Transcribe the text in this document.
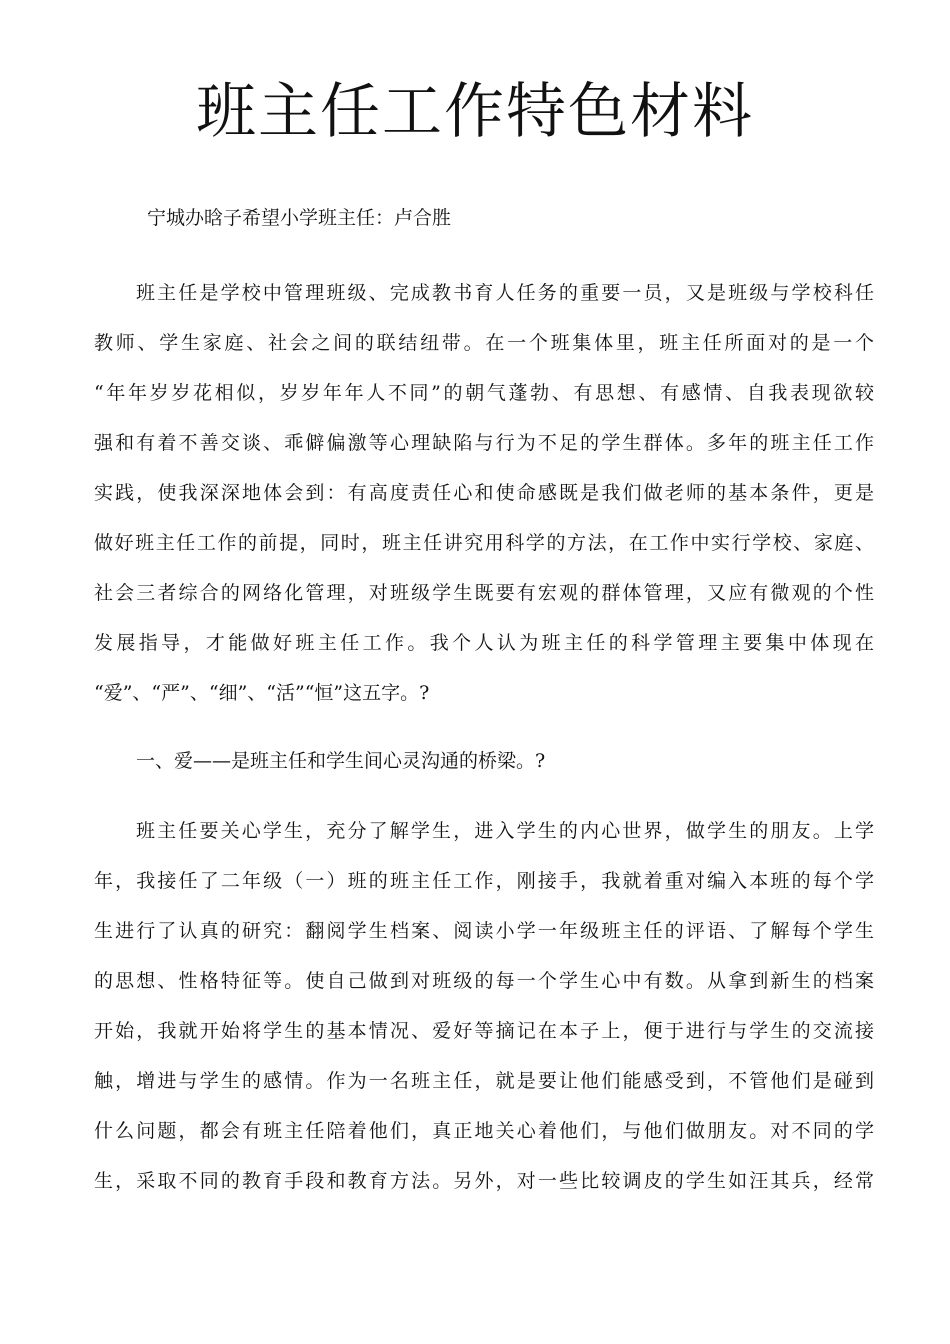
班主任工作特色材料

宁城办晗子希望小学班主任：卢合胜

班主任是学校中管理班级、完成教书育人任务的重要一员，又是班级与学校科任
教师、学生家庭、社会之间的联结纽带。在一个班集体里，班主任所面对的是一个
“年年岁岁花相似，岁岁年年人不同”的朝气蓬勃、有思想、有感情、自我表现欲较
强和有着不善交谈、乖僻偏激等心理缺陷与行为不足的学生群体。多年的班主任工作
实践，使我深深地体会到：有高度责任心和使命感既是我们做老师的基本条件，更是
做好班主任工作的前提，同时，班主任讲究用科学的方法，在工作中实行学校、家庭、
社会三者综合的网络化管理，对班级学生既要有宏观的群体管理，又应有微观的个性
发展指导，才能做好班主任工作。我个人认为班主任的科学管理主要集中体现在
“爱”、“严”、“细”、“活”“恒”这五字。?
一、爱——是班主任和学生间心灵沟通的桥梁。?
班主任要关心学生，充分了解学生，进入学生的内心世界，做学生的朋友。上学
年，我接任了二年级（一）班的班主任工作，刚接手，我就着重对编入本班的每个学
生进行了认真的研究：翻阅学生档案、阅读小学一年级班主任的评语、了解每个学生
的思想、性格特征等。使自己做到对班级的每一个学生心中有数。从拿到新生的档案
开始，我就开始将学生的基本情况、爱好等摘记在本子上，便于进行与学生的交流接
触，增进与学生的感情。作为一名班主任，就是要让他们能感受到，不管他们是碰到
什么问题，都会有班主任陪着他们，真正地关心着他们，与他们做朋友。对不同的学
生，采取不同的教育手段和教育方法。另外，对一些比较调皮的学生如汪其兵，经常
